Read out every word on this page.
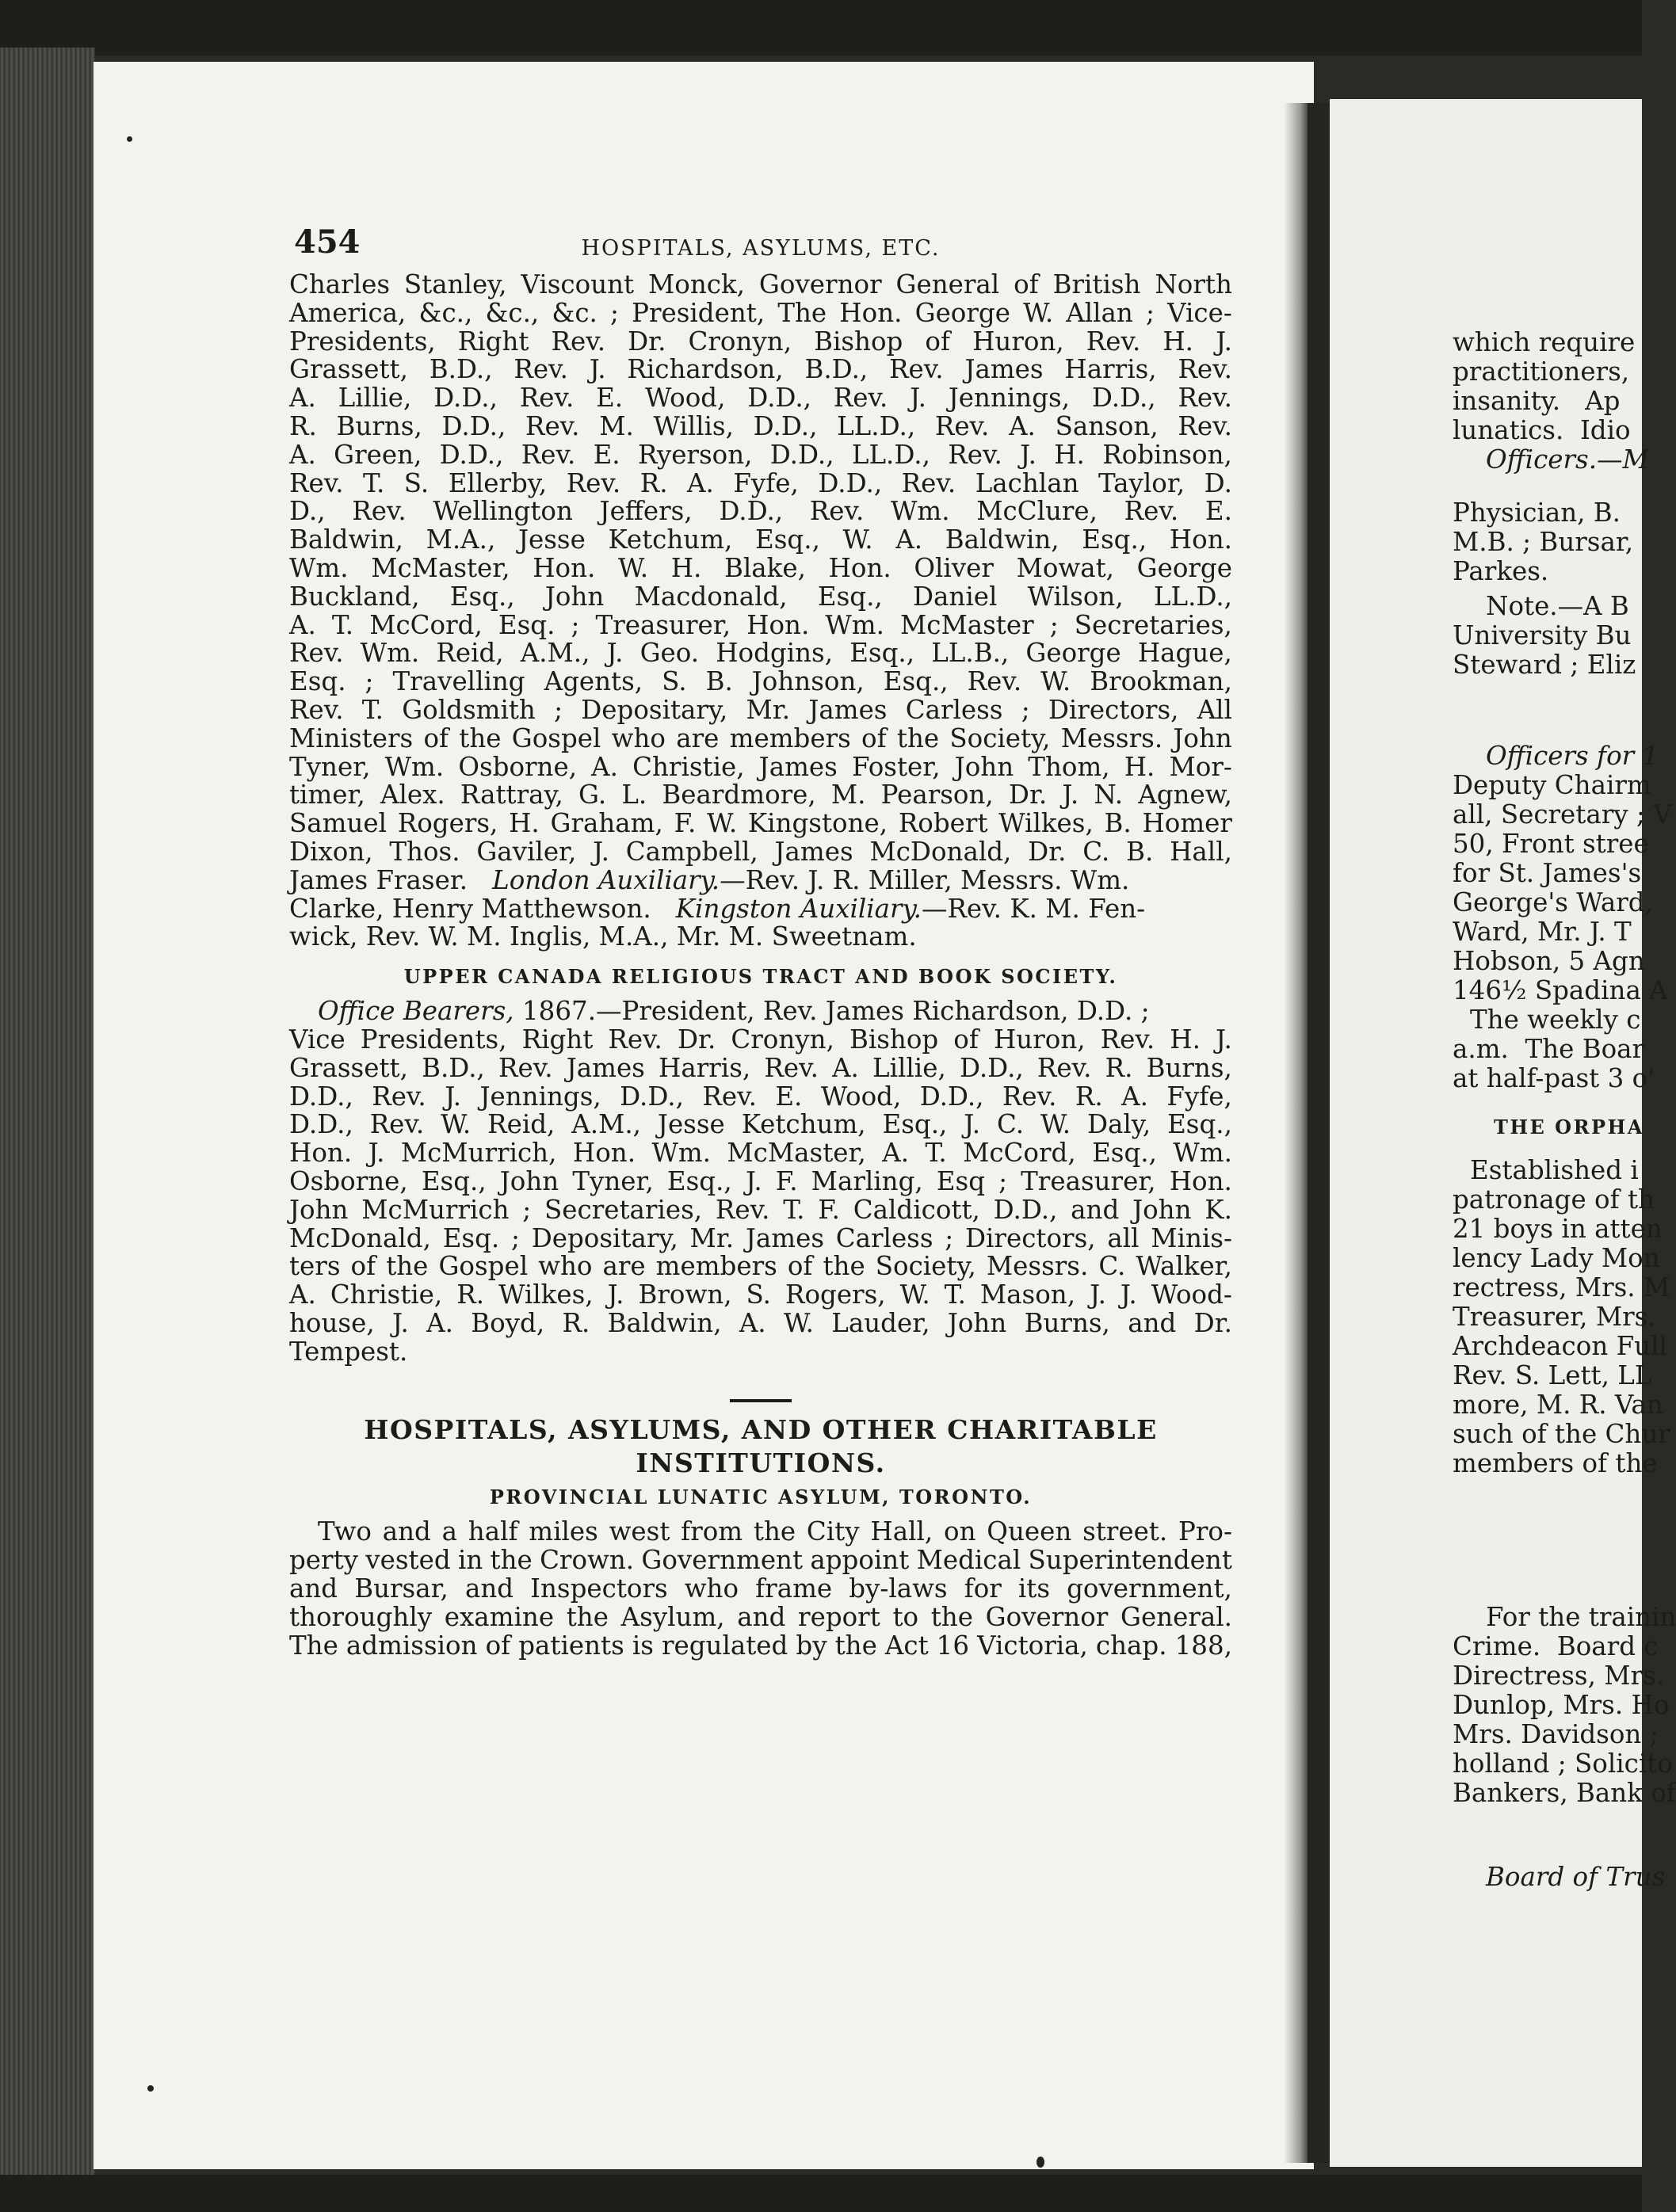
454	HOSPITALS, ASYLUMS, ETC.
Charles Stanley, Viscount Monck, Governor General of British North
America, &c., &c., &c. ; President, The Hon. George W. Allan ; Vice-
Presidents, Right Rev. Dr. Cronyn, Bishop of Huron, Rev. H. J.
Grassett, B.D., Rev. J. Richardson, B.D., Rev. James Harris, Rev.
A. Lillie, D.D., Rev. E. Wood, D.D., Rev. J. Jennings, D.D., Rev.
R. Burns, D.D., Rev. M. Willis, D.D., LL.D., Rev. A. Sanson, Rev.
A. Green, D.D., Rev. E. Ryerson, D.D., LL.D., Rev. J. H. Robinson,
Rev. T. S. Ellerby, Rev. R. A. Fyfe, D.D., Rev. Lachlan Taylor, D.
D., Rev. Wellington Jeffers, D.D., Rev. Wm. McClure, Rev. E.
Baldwin, M.A., Jesse Ketchum, Esq., W. A. Baldwin, Esq., Hon.
Wm. McMaster, Hon. W. H. Blake, Hon. Oliver Mowat, George
Buckland, Esq., John Macdonald, Esq., Daniel Wilson, LL.D.,
A. T. McCord, Esq. ; Treasurer, Hon. Wm. McMaster ; Secretaries,
Rev. Wm. Reid, A.M., J. Geo. Hodgins, Esq., LL.B., George Hague,
Esq. ; Travelling Agents, S. B. Johnson, Esq., Rev. W. Brookman,
Rev. T. Goldsmith ; Depositary, Mr. James Carless ; Directors, All
Ministers of the Gospel who are members of the Society, Messrs. John
Tyner, Wm. Osborne, A. Christie, James Foster, John Thom, H. Mor-
timer, Alex. Rattray, G. L. Beardmore, M. Pearson, Dr. J. N. Agnew,
Samuel Rogers, H. Graham, F. W. Kingstone, Robert Wilkes, B. Homer
Dixon, Thos. Gaviler, J. Campbell, James McDonald, Dr. C. B. Hall,
James Fraser.
London Auxiliary. —Rev. J. R. Miller, Messrs. Wm.
Clarke, Henry Matthewson.
Kingston Auxiliary. —Rev. K. M. Fen-
wick, Rev. W. M. Inglis, M.A., Mr. M. Sweetnam.
UPPER CANADA RELIGIOUS TRACT AND BOOK SOCIETY.
Office Bearers,
1867.—President, Rev. James Richardson, D.D. ;
Vice Presidents, Right Rev. Dr. Cronyn, Bishop of Huron, Rev. H. J.
Grassett, B.D., Rev. James Harris, Rev. A. Lillie, D.D., Rev. R. Burns,
D.D., Rev. J. Jennings, D.D., Rev. E. Wood, D.D., Rev. R. A. Fyfe,
D.D., Rev. W. Reid, A.M., Jesse Ketchum, Esq., J. C. W. Daly, Esq.,
Hon. J. McMurrich, Hon. Wm. McMaster, A. T. McCord, Esq., Wm.
Osborne, Esq., John Tyner, Esq., J. F. Marling, Esq ; Treasurer, Hon.
John McMurrich ; Secretaries, Rev. T. F. Caldicott, D.D., and John K.
McDonald, Esq. ; Depositary, Mr. James Carless ; Directors, all Minis-
ters of the Gospel who are members of the Society, Messrs. C. Walker,
A. Christie, R. Wilkes, J. Brown, S. Rogers, W. T. Mason, J. J. Wood-
house, J. A. Boyd, R. Baldwin, A. W. Lauder, John Burns, and Dr.
Tempest.
HOSPITALS, ASYLUMS, AND OTHER CHARITABLE
INSTITUTIONS.
PROVINCIAL LUNATIC ASYLUM, TORONTO.
Two and a half miles west from the City Hall, on Queen street. Pro-
perty vested in the Crown. Government appoint Medical Superintendent
and Bursar, and Inspectors who frame by-laws for its government,
thoroughly examine the Asylum, and report to the Governor General.
The admission of patients is regulated by the Act 16 Victoria, chap. 188,

which require

practitioners,

insanity.   Ap

lunatics.  Idio

Officers.—M

Physician, B.

M.B. ; Bursar,

Parkes.

Note.—A B

University Bu

Steward ; Eliz

Officers for 1

Deputy Chairm

all, Secretary ; V

50, Front stree

for St. James's

George's Ward,

Ward, Mr. J. T

Hobson, 5 Agn

146½ Spadina A

The weekly c

a.m.  The Boar

at half-past 3 o'

THE ORPHA

Established i

patronage of th

21 boys in atten

lency Lady Mon

rectress, Mrs. M

Treasurer, Mrs.

Archdeacon Full

Rev. S. Lett, LL

more, M. R. Van

such of the Chur

members of the

For the trainin

Crime.  Board c

Directress, Mrs.

Dunlop, Mrs. Ho

Mrs. Davidson ;

holland ; Solicito

Bankers, Bank of

Board of Trus
